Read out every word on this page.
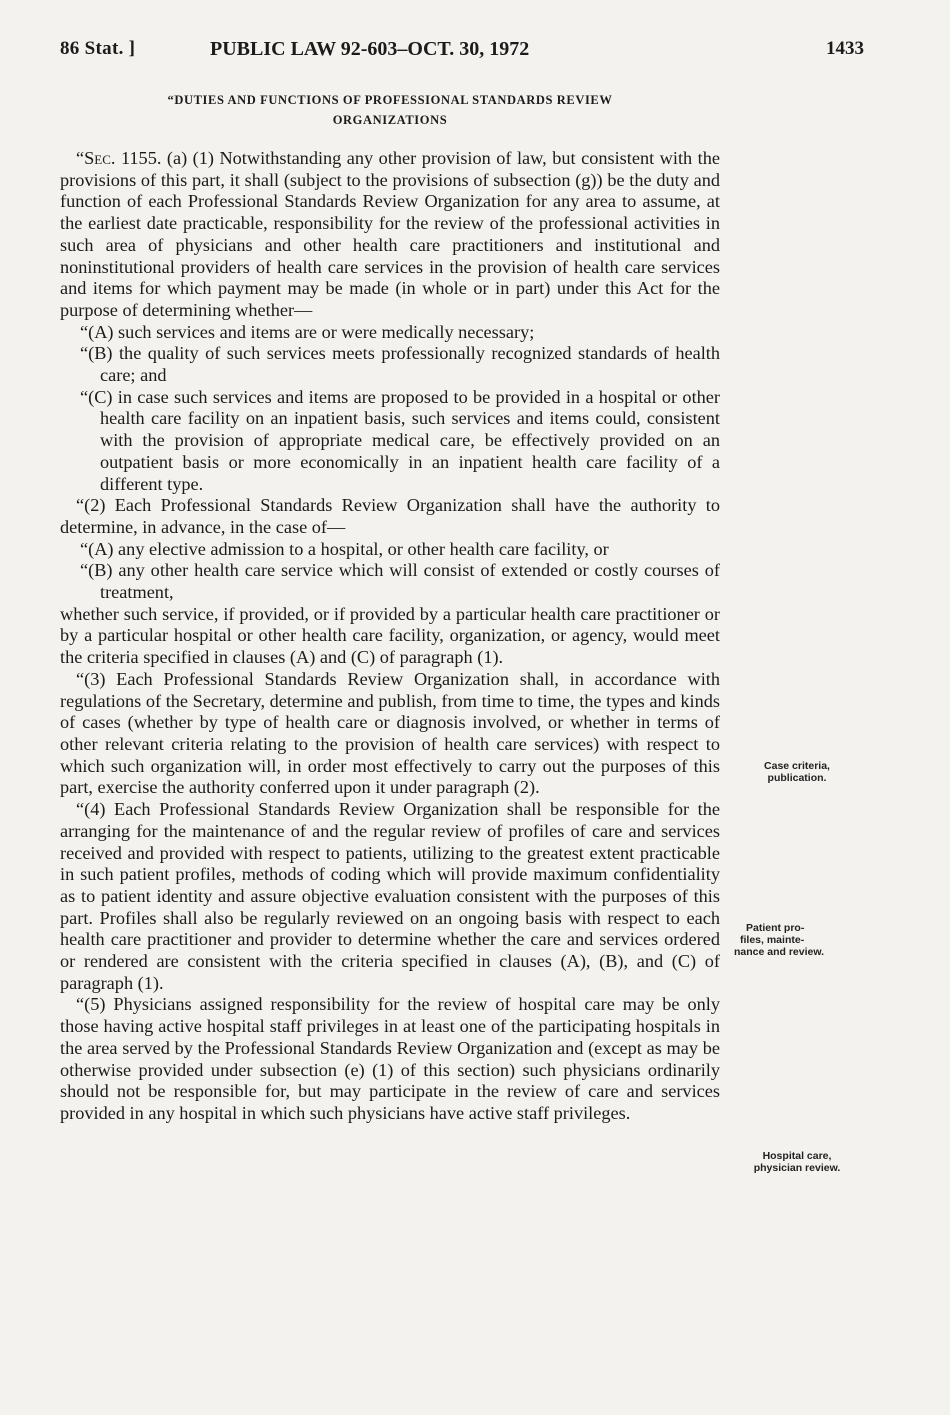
86 Stat. ]	PUBLIC LAW 92-603–OCT. 30, 1972	1433
“DUTIES AND FUNCTIONS OF PROFESSIONAL STANDARDS REVIEW
ORGANIZATIONS

“Sec. 1155. (a) (1) Notwithstanding any other provision of law, but consistent with the provisions of this part, it shall (subject to the provisions of subsection (g)) be the duty and function of each Professional Standards Review Organization for any area to assume, at the earliest date practicable, responsibility for the review of the professional activities in such area of physicians and other health care practitioners and institutional and noninstitutional providers of health care services in the provision of health care services and items for which payment may be made (in whole or in part) under this Act for the purpose of determining whether—

“(A) such services and items are or were medically necessary;

“(B) the quality of such services meets professionally recognized standards of health care; and

“(C) in case such services and items are proposed to be provided in a hospital or other health care facility on an inpatient basis, such services and items could, consistent with the provision of appropriate medical care, be effectively provided on an outpatient basis or more economically in an inpatient health care facility of a different type.

“(2) Each Professional Standards Review Organization shall have the authority to determine, in advance, in the case of—

“(A) any elective admission to a hospital, or other health care facility, or

“(B) any other health care service which will consist of extended or costly courses of treatment,

whether such service, if provided, or if provided by a particular health care practitioner or by a particular hospital or other health care facility, organization, or agency, would meet the criteria specified in clauses (A) and (C) of paragraph (1).

“(3) Each Professional Standards Review Organization shall, in accordance with regulations of the Secretary, determine and publish, from time to time, the types and kinds of cases (whether by type of health care or diagnosis involved, or whether in terms of other relevant criteria relating to the provision of health care services) with respect to which such organization will, in order most effectively to carry out the purposes of this part, exercise the authority conferred upon it under paragraph (2).

“(4) Each Professional Standards Review Organization shall be responsible for the arranging for the maintenance of and the regular review of profiles of care and services received and provided with respect to patients, utilizing to the greatest extent practicable in such patient profiles, methods of coding which will provide maximum confidentiality as to patient identity and assure objective evaluation consistent with the purposes of this part. Profiles shall also be regularly reviewed on an ongoing basis with respect to each health care practitioner and provider to determine whether the care and services ordered or rendered are consistent with the criteria specified in clauses (A), (B), and (C) of paragraph (1).

“(5) Physicians assigned responsibility for the review of hospital care may be only those having active hospital staff privileges in at least one of the participating hospitals in the area served by the Professional Standards Review Organization and (except as may be otherwise provided under subsection (e) (1) of this section) such physicians ordinarily should not be responsible for, but may participate in the review of care and services provided in any hospital in which such physicians have active staff privileges.

Case criteria,
publication.
Patient pro-
files, mainte-
nance and review.
Hospital care,
physician review.
